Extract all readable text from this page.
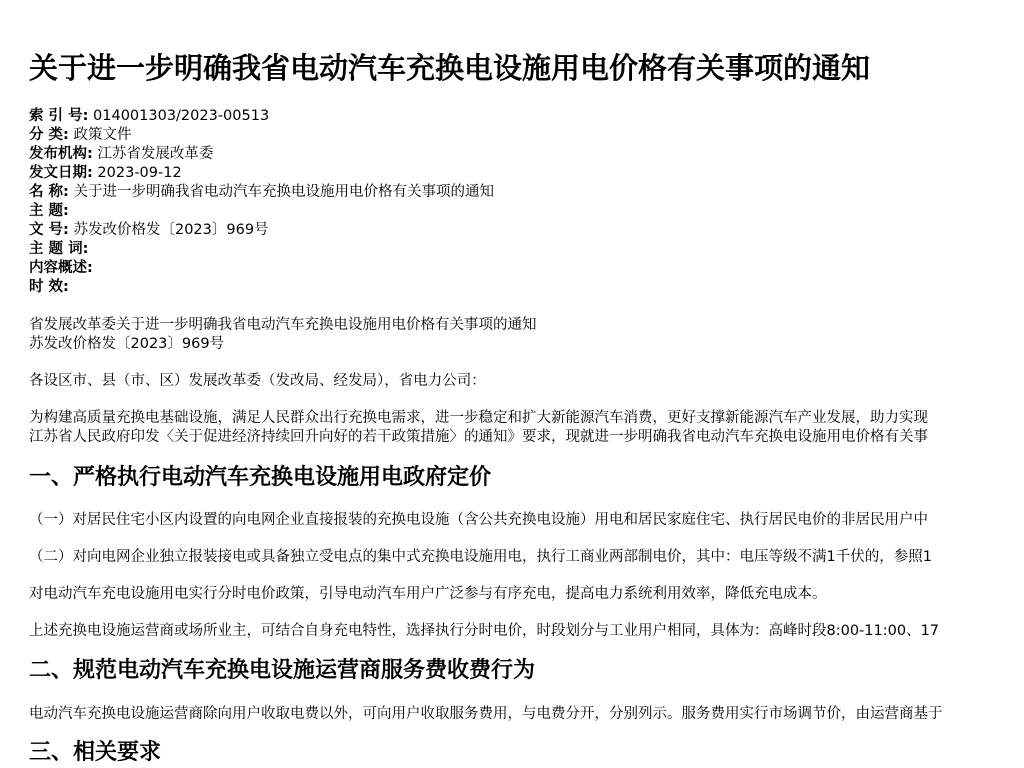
关于进一步明确我省电动汽车充换电设施用电价格有关事项的通知
索 引 号: 014001303/2023-00513
分 类: 政策文件
发布机构: 江苏省发展改革委
发文日期: 2023-09-12
名 称: 关于进一步明确我省电动汽车充换电设施用电价格有关事项的通知
主 题:
文 号: 苏发改价格发〔2023〕969号
主 题 词:
内容概述:
时 效:
省发展改革委关于进一步明确我省电动汽车充换电设施用电价格有关事项的通知
苏发改价格发〔2023〕969号
各设区市、县（市、区）发展改革委（发改局、经发局），省电力公司：
为构建高质量充换电基础设施，满足人民群众出行充换电需求，进一步稳定和扩大新能源汽车消费，更好支撑新能源汽车产业发展，助力实现
江苏省人民政府印发〈关于促进经济持续回升向好的若干政策措施〉的通知》要求，现就进一步明确我省电动汽车充换电设施用电价格有关事
一、严格执行电动汽车充换电设施用电政府定价
（一）对居民住宅小区内设置的向电网企业直接报装的充换电设施（含公共充换电设施）用电和居民家庭住宅、执行居民电价的非居民用户中
（二）对向电网企业独立报装接电或具备独立受电点的集中式充换电设施用电，执行工商业两部制电价，其中：电压等级不满1千伏的，参照1
对电动汽车充电设施用电实行分时电价政策，引导电动汽车用户广泛参与有序充电，提高电力系统利用效率，降低充电成本。
上述充换电设施运营商或场所业主，可结合自身充电特性，选择执行分时电价，时段划分与工业用户相同，具体为：高峰时段8:00-11:00、17
二、规范电动汽车充换电设施运营商服务费收费行为
电动汽车充换电设施运营商除向用户收取电费以外，可向用户收取服务费用，与电费分开，分别列示。服务费用实行市场调节价，由运营商基于
三、相关要求
